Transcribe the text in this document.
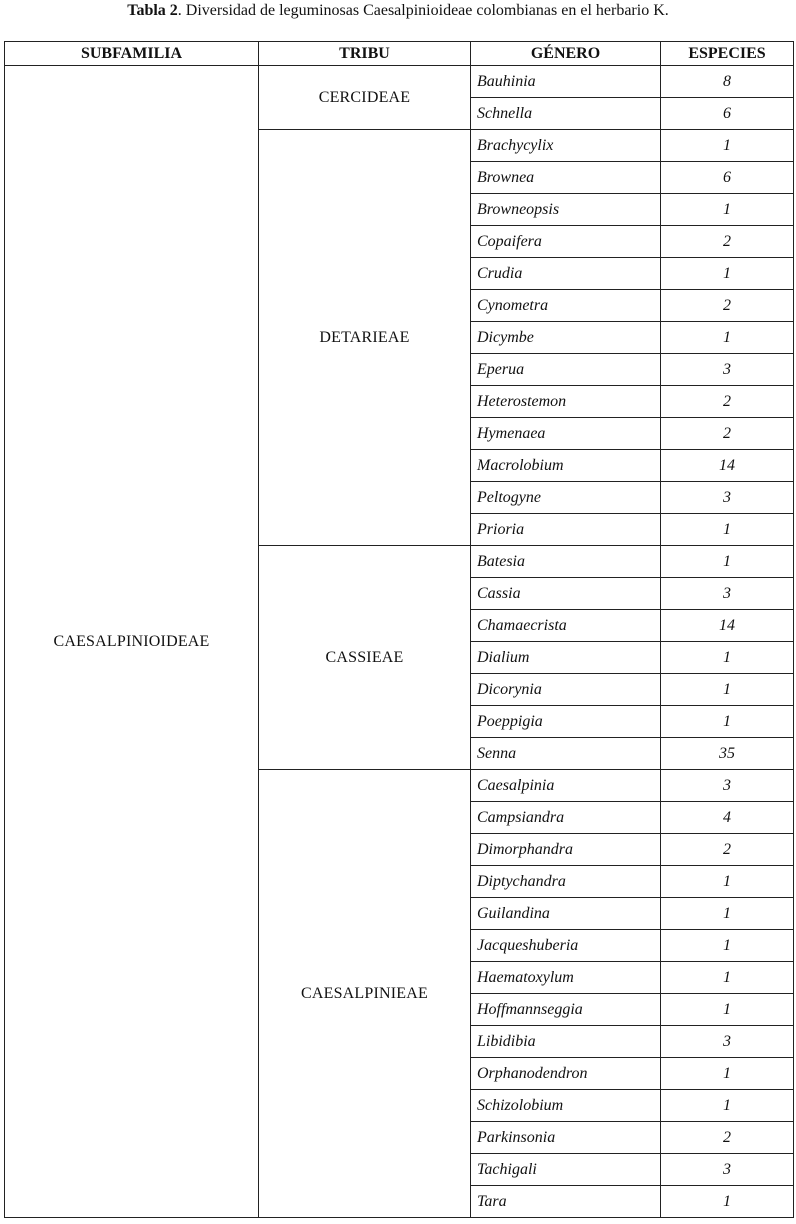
Tabla 2. Diversidad de leguminosas Caesalpinioideae colombianas en el herbario K.
SUBFAMILIA	TRIBU	GÉNERO	ESPECIES
CAESALPINIOIDEAE	CERCIDEAE	Bauhinia	8
		Schnella	6
	DETARIEAE	Brachycylix	1
		Brownea	6
		Browneopsis	1
		Copaifera	2
		Crudia	1
		Cynometra	2
		Dicymbe	1
		Eperua	3
		Heterostemon	2
		Hymenaea	2
		Macrolobium	14
		Peltogyne	3
		Prioria	1
	CASSIEAE	Batesia	1
		Cassia	3
		Chamaecrista	14
		Dialium	1
		Dicorynia	1
		Poeppigia	1
		Senna	35
	CAESALPINIEAE	Caesalpinia	3
		Campsiandra	4
		Dimorphandra	2
		Diptychandra	1
		Guilandina	1
		Jacqueshuberia	1
		Haematoxylum	1
		Hoffmannseggia	1
		Libidibia	3
		Orphanodendron	1
		Schizolobium	1
		Parkinsonia	2
		Tachigali	3
		Tara	1
